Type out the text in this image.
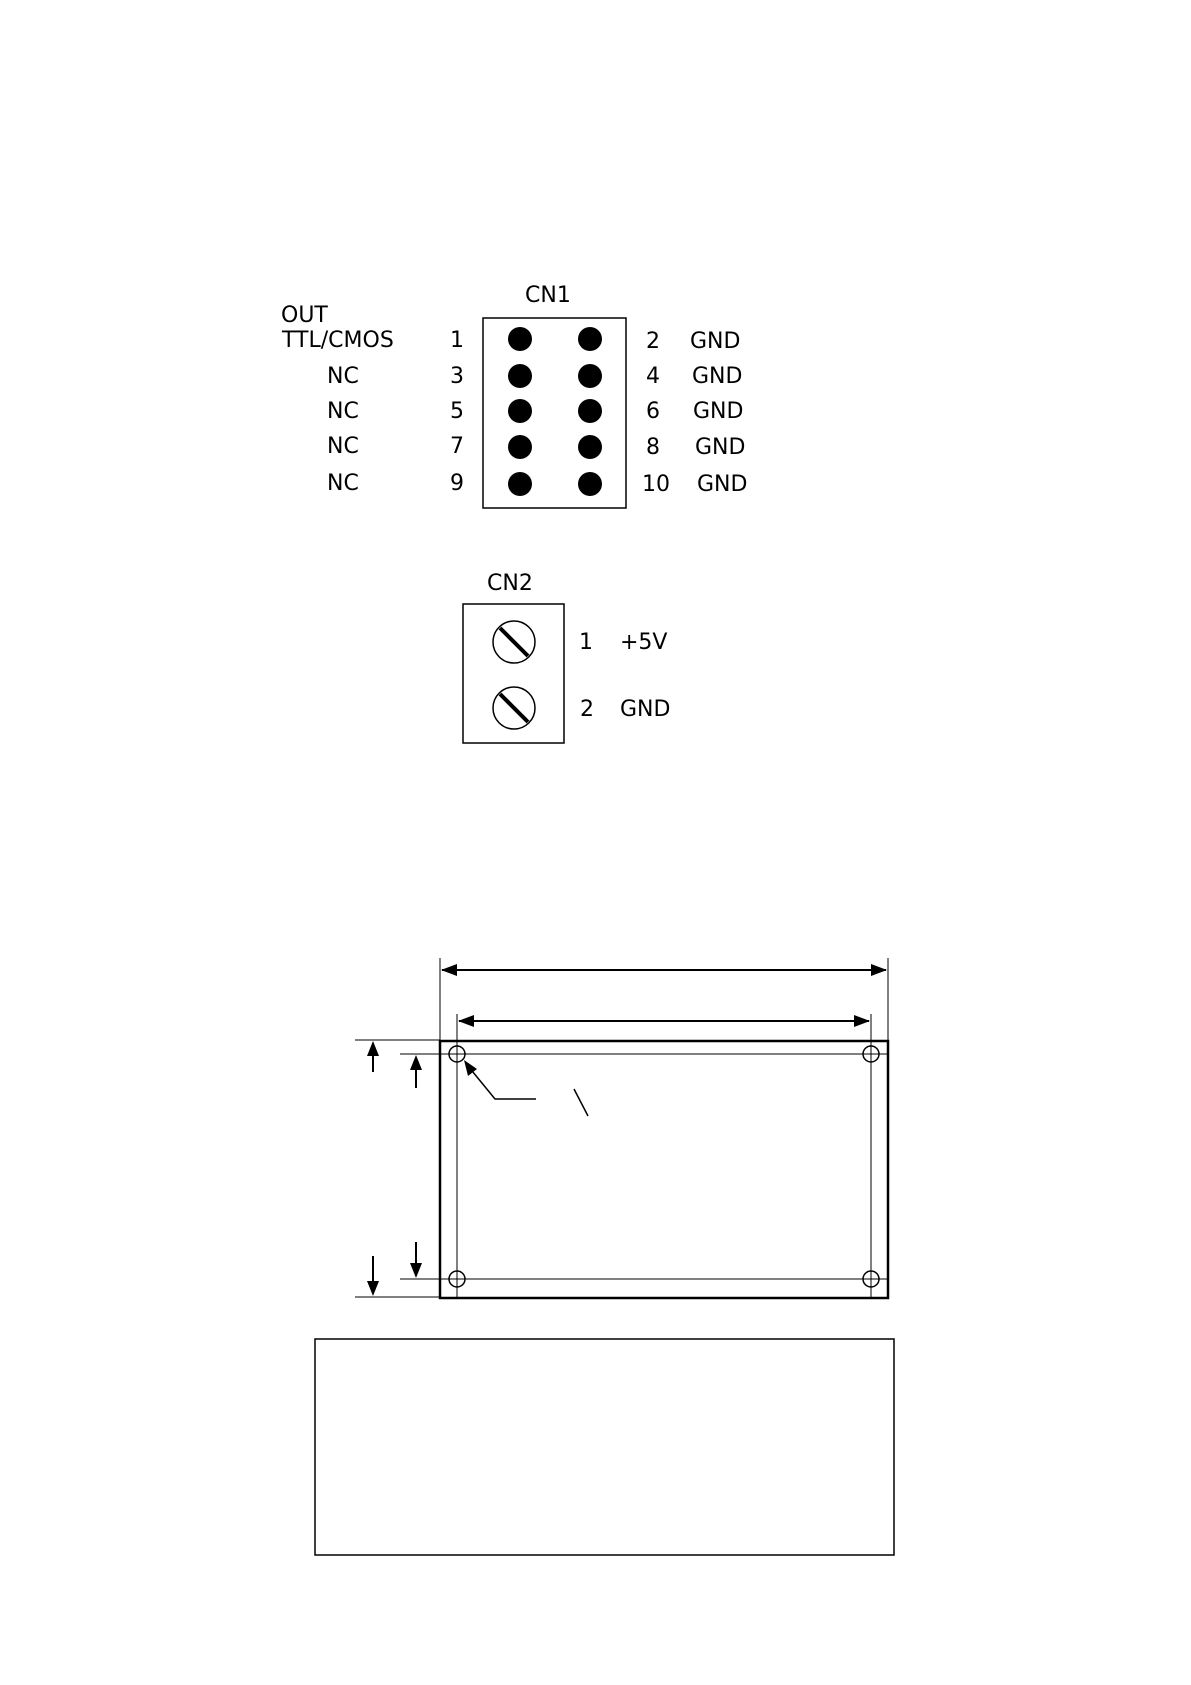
CN1
OUT
TTL/CMOS
NC
NC
NC
NC
1
3
5
7
9
2
4
6
8
10
GND
GND
GND
GND
GND
CN2
1 +5V
2 GND
